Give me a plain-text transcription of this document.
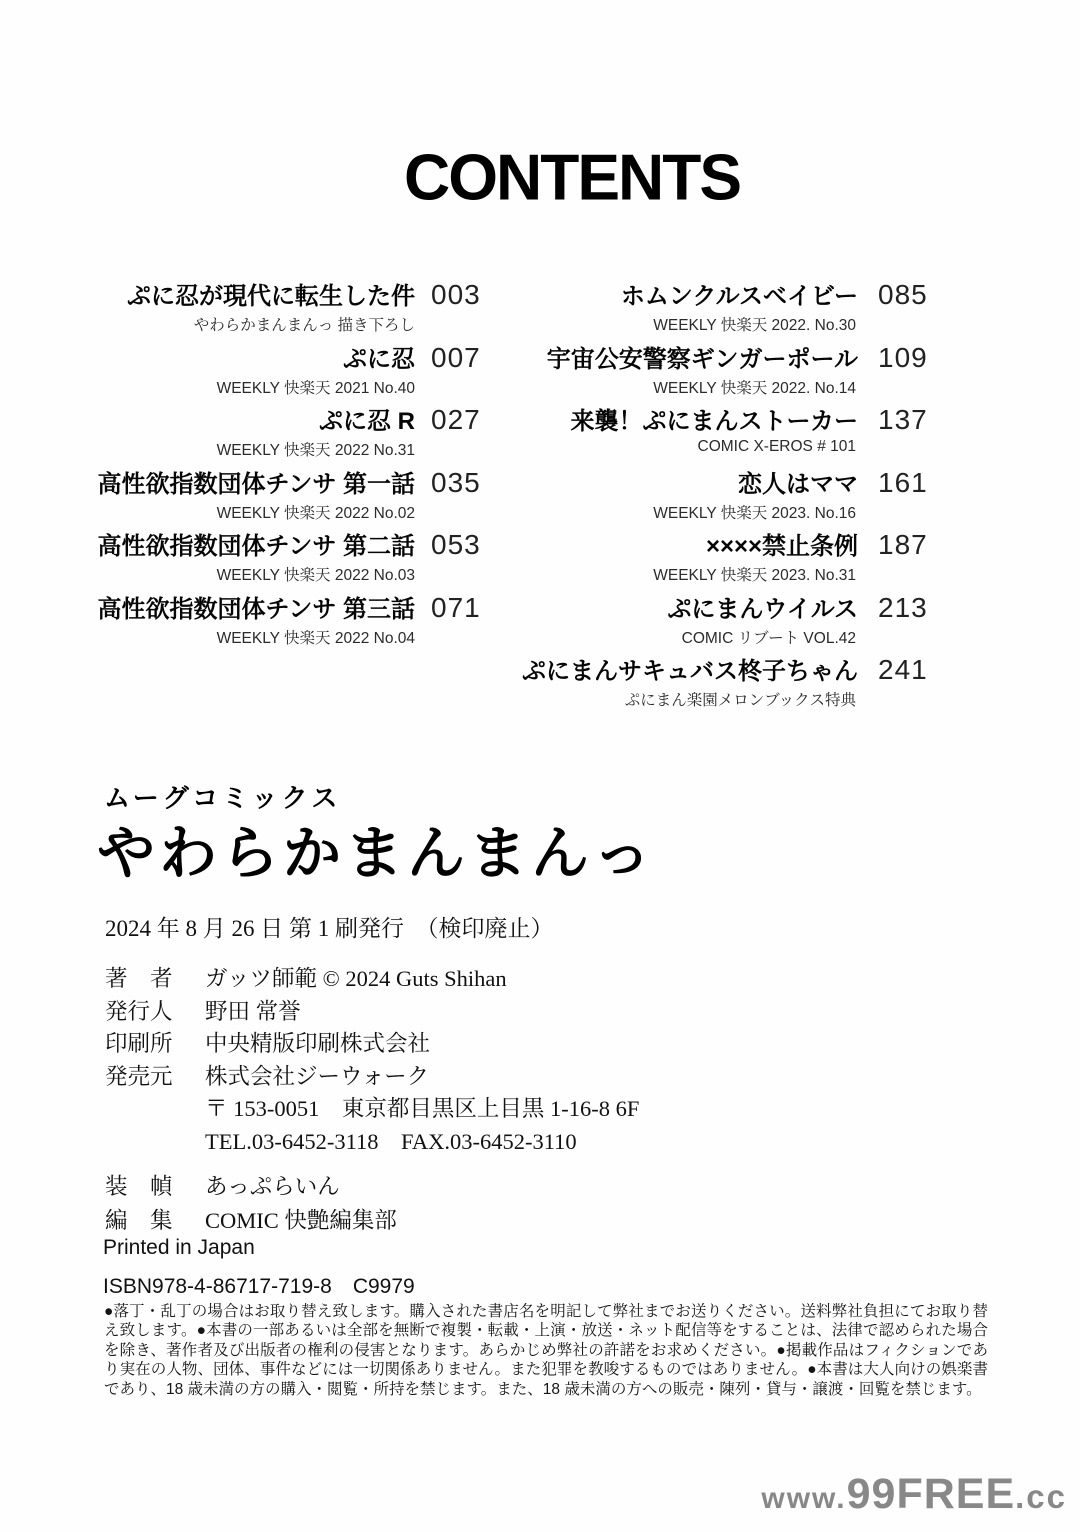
CONTENTS
ぷに忍が現代に転生した件 003
やわらかまんまんっ 描き下ろし
ぷに忍 007
WEEKLY 快楽天 2021 No.40
ぷに忍 R 027
WEEKLY 快楽天 2022 No.31
高性欲指数団体チンサ 第一話 035
WEEKLY 快楽天 2022 No.02
高性欲指数団体チンサ 第二話 053
WEEKLY 快楽天 2022 No.03
高性欲指数団体チンサ 第三話 071
WEEKLY 快楽天 2022 No.04
ホムンクルスベイビー 085
WEEKLY 快楽天 2022. No.30
宇宙公安警察ギンガーポール 109
WEEKLY 快楽天 2022. No.14
来襲！ぷにまんストーカー 137
COMIC X-EROS # 101
恋人はママ 161
WEEKLY 快楽天 2023. No.16
××××禁止条例 187
WEEKLY 快楽天 2023. No.31
ぷにまんウイルス 213
COMIC リブート VOL.42
ぷにまんサキュバス柊子ちゃん 241
ぷにまん楽園メロンブックス特典
ムーグコミックス
やわらかまんまんっ
2024 年 8 月 26 日 第 1 刷発行　（検印廃止）
著　者 ガッツ師範 © 2024 Guts Shihan
発行人 野田 常誉
印刷所 中央精版印刷株式会社
発売元 株式会社ジーウォーク
〒 153-0051　東京都目黒区上目黒 1-16-8 6F
TEL.03-6452-3118　FAX.03-6452-3110
装　幀 あっぷらいん
編　集 COMIC 快艶編集部
Printed in Japan
ISBN978-4-86717-719-8　C9979

●落丁・乱丁の場合はお取り替え致します。購入された書店名を明記して弊社までお送りください。送料弊社負担にてお取り替え致します。●本書の一部あるいは全部を無断で複製・転載・上演・放送・ネット配信等をすることは、法律で認められた場合を除き、著作者及び出版者の権利の侵害となります。あらかじめ弊社の許諾をお求めください。●掲載作品はフィクションであり実在の人物、団体、事件などには一切関係ありません。また犯罪を教唆するものではありません。●本書は大人向けの娯楽書であり、18 歳未満の方の購入・閲覧・所持を禁じます。また、18 歳未満の方への販売・陳列・貸与・譲渡・回覧を禁じます。

www. 99FREE .cc
